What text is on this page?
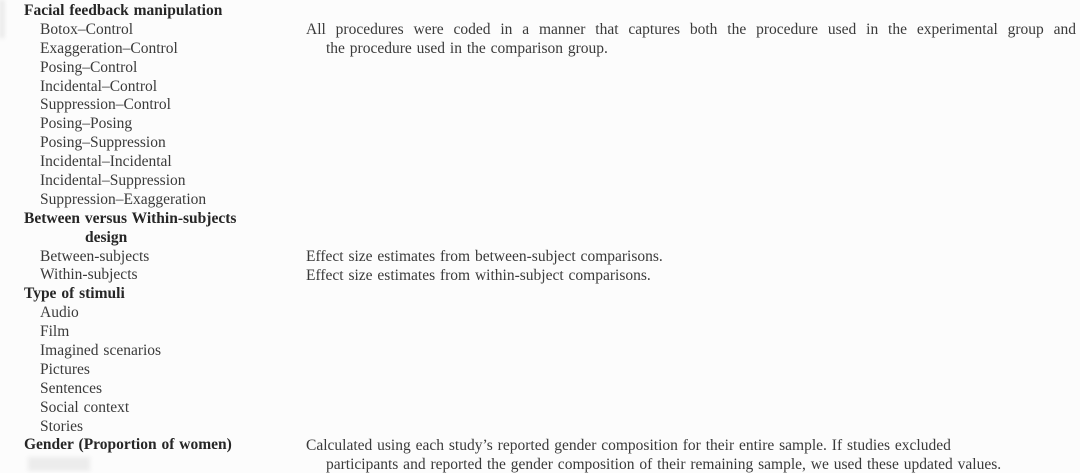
Facial feedback manipulation
Botox–Control
Exaggeration–Control
Posing–Control
Incidental–Control
Suppression–Control
Posing–Posing
Posing–Suppression
Incidental–Incidental
Incidental–Suppression
Suppression–Exaggeration
Between versus Within-subjects
design
Between-subjects
Within-subjects
Type of stimuli
Audio
Film
Imagined scenarios
Pictures
Sentences
Social context
Stories
Gender (Proportion of women)
All procedures were coded in a manner that captures both the procedure used in the experimental group and
the procedure used in the comparison group.
Effect size estimates from between-subject comparisons.
Effect size estimates from within-subject comparisons.
Calculated using each study’s reported gender composition for their entire sample. If studies excluded
participants and reported the gender composition of their remaining sample, we used these updated values.
